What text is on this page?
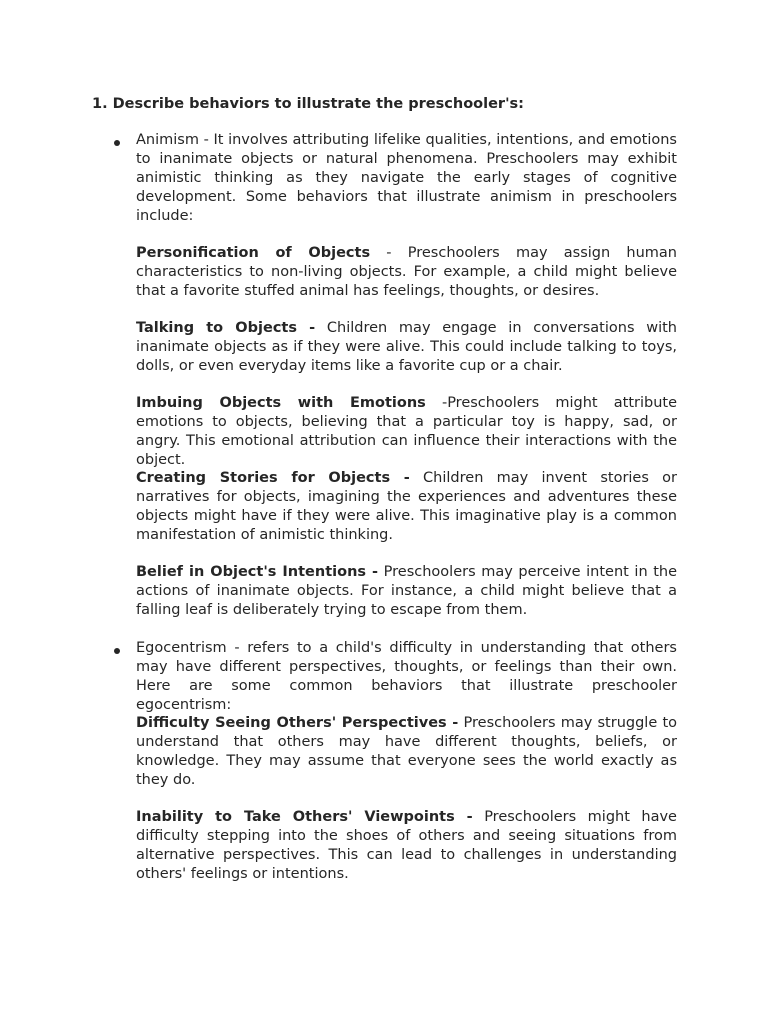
1. Describe behaviors to illustrate the preschooler's:

Animism - It involves attributing lifelike qualities, intentions, and emotions to inanimate objects or natural phenomena. Preschoolers may exhibit animistic thinking as they navigate the early stages of cognitive development. Some behaviors that illustrate animism in preschoolers include:

Personification of Objects - Preschoolers may assign human characteristics to non-living objects. For example, a child might believe that a favorite stuffed animal has feelings, thoughts, or desires.

Talking to Objects - Children may engage in conversations with inanimate objects as if they were alive. This could include talking to toys, dolls, or even everyday items like a favorite cup or a chair.

Imbuing Objects with Emotions -Preschoolers might attribute emotions to objects, believing that a particular toy is happy, sad, or angry. This emotional attribution can influence their interactions with the object.

Creating Stories for Objects - Children may invent stories or narratives for objects, imagining the experiences and adventures these objects might have if they were alive. This imaginative play is a common manifestation of animistic thinking.

Belief in Object's Intentions - Preschoolers may perceive intent in the actions of inanimate objects. For instance, a child might believe that a falling leaf is deliberately trying to escape from them.

Egocentrism - refers to a child's difficulty in understanding that others may have different perspectives, thoughts, or feelings than their own. Here are some common behaviors that illustrate preschooler egocentrism:

Difficulty Seeing Others' Perspectives - Preschoolers may struggle to understand that others may have different thoughts, beliefs, or knowledge. They may assume that everyone sees the world exactly as they do.

Inability to Take Others' Viewpoints - Preschoolers might have difficulty stepping into the shoes of others and seeing situations from alternative perspectives. This can lead to challenges in understanding others' feelings or intentions.
